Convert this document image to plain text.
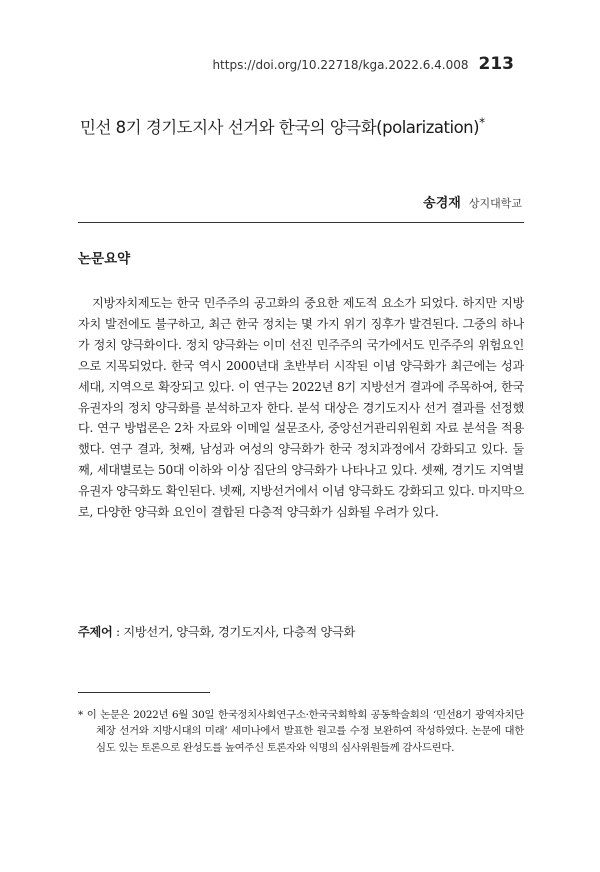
https://doi.org/10.22718/kga.2022.6.4.008 213
민선 8기 경기도지사 선거와 한국의 양극화(polarization)*
송경재 상지대학교
논문요약

지방자치제도는 한국 민주주의 공고화의 중요한 제도적 요소가 되었다. 하지만 지방자치 발전에도 불구하고, 최근 한국 정치는 몇 가지 위기 징후가 발견된다. 그중의 하나가 정치 양극화이다. 정치 양극화는 이미 선진 민주주의 국가에서도 민주주의 위험요인으로 지목되었다. 한국 역시 2000년대 초반부터 시작된 이념 양극화가 최근에는 성과 세대, 지역으로 확장되고 있다. 이 연구는 2022년 8기 지방선거 결과에 주목하여, 한국 유권자의 정치 양극화를 분석하고자 한다. 분석 대상은 경기도지사 선거 결과를 선정했다. 연구 방법론은 2차 자료와 이메일 설문조사, 중앙선거관리위원회 자료 분석을 적용했다. 연구 결과, 첫째, 남성과 여성의 양극화가 한국 정치과정에서 강화되고 있다. 둘째, 세대별로는 50대 이하와 이상 집단의 양극화가 나타나고 있다. 셋째, 경기도 지역별 유권자 양극화도 확인된다. 넷째, 지방선거에서 이념 양극화도 강화되고 있다. 마지막으로, 다양한 양극화 요인이 결합된 다층적 양극화가 심화될 우려가 있다.

주제어 : 지방선거, 양극화, 경기도지사, 다층적 양극화

* 이 논문은 2022년 6월 30일 한국정치사회연구소·한국국회학회 공동학술회의 ‘민선8기 광역자치단체장 선거와 지방시대의 미래’ 세미나에서 발표한 원고를 수정 보완하여 작성하였다. 논문에 대한 심도 있는 토론으로 완성도를 높여주신 토론자와 익명의 심사위원들께 감사드린다.
